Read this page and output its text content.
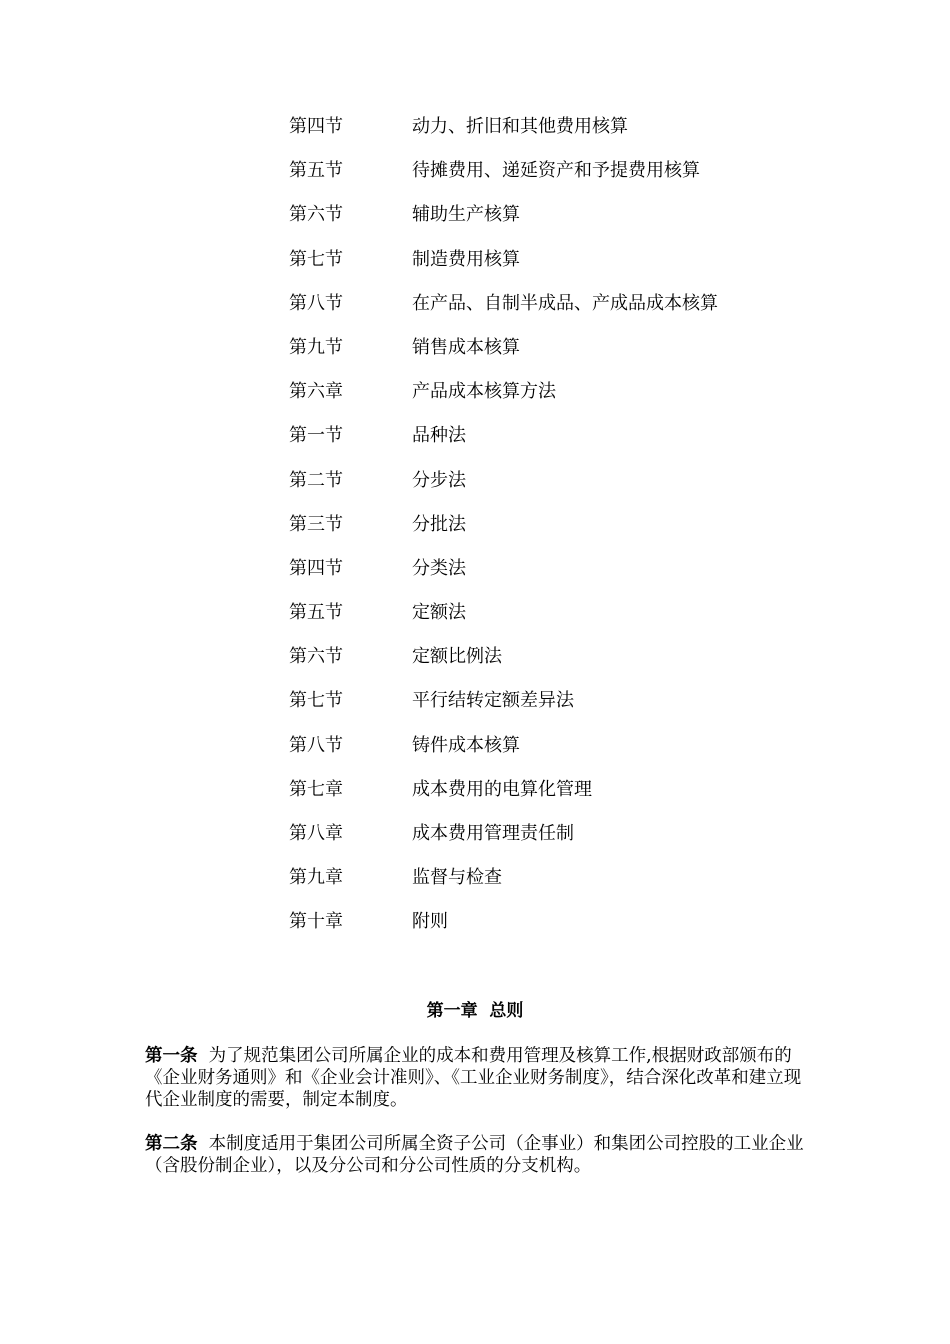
第四节	动力、折旧和其他费用核算
第五节	待摊费用、递延资产和予提费用核算
第六节	辅助生产核算
第七节	制造费用核算
第八节	在产品、自制半成品、产成品成本核算
第九节	销售成本核算
第六章	产品成本核算方法
第一节	品种法
第二节	分步法
第三节	分批法
第四节	分类法
第五节	定额法
第六节	定额比例法
第七节	平行结转定额差异法
第八节	铸件成本核算
第七章	成本费用的电算化管理
第八章	成本费用管理责任制
第九章	监督与检查
第十章	附则
第一章  总则

第一条 为了规范集团公司所属企业的成本和费用管理及核算工作,根据财政部颁布的《企业财务通则》和《企业会计准则》、《工业企业财务制度》，结合深化改革和建立现代企业制度的需要，制定本制度。

第二条 本制度适用于集团公司所属全资子公司（企事业）和集团公司控股的工业企业（含股份制企业），以及分公司和分公司性质的分支机构。
